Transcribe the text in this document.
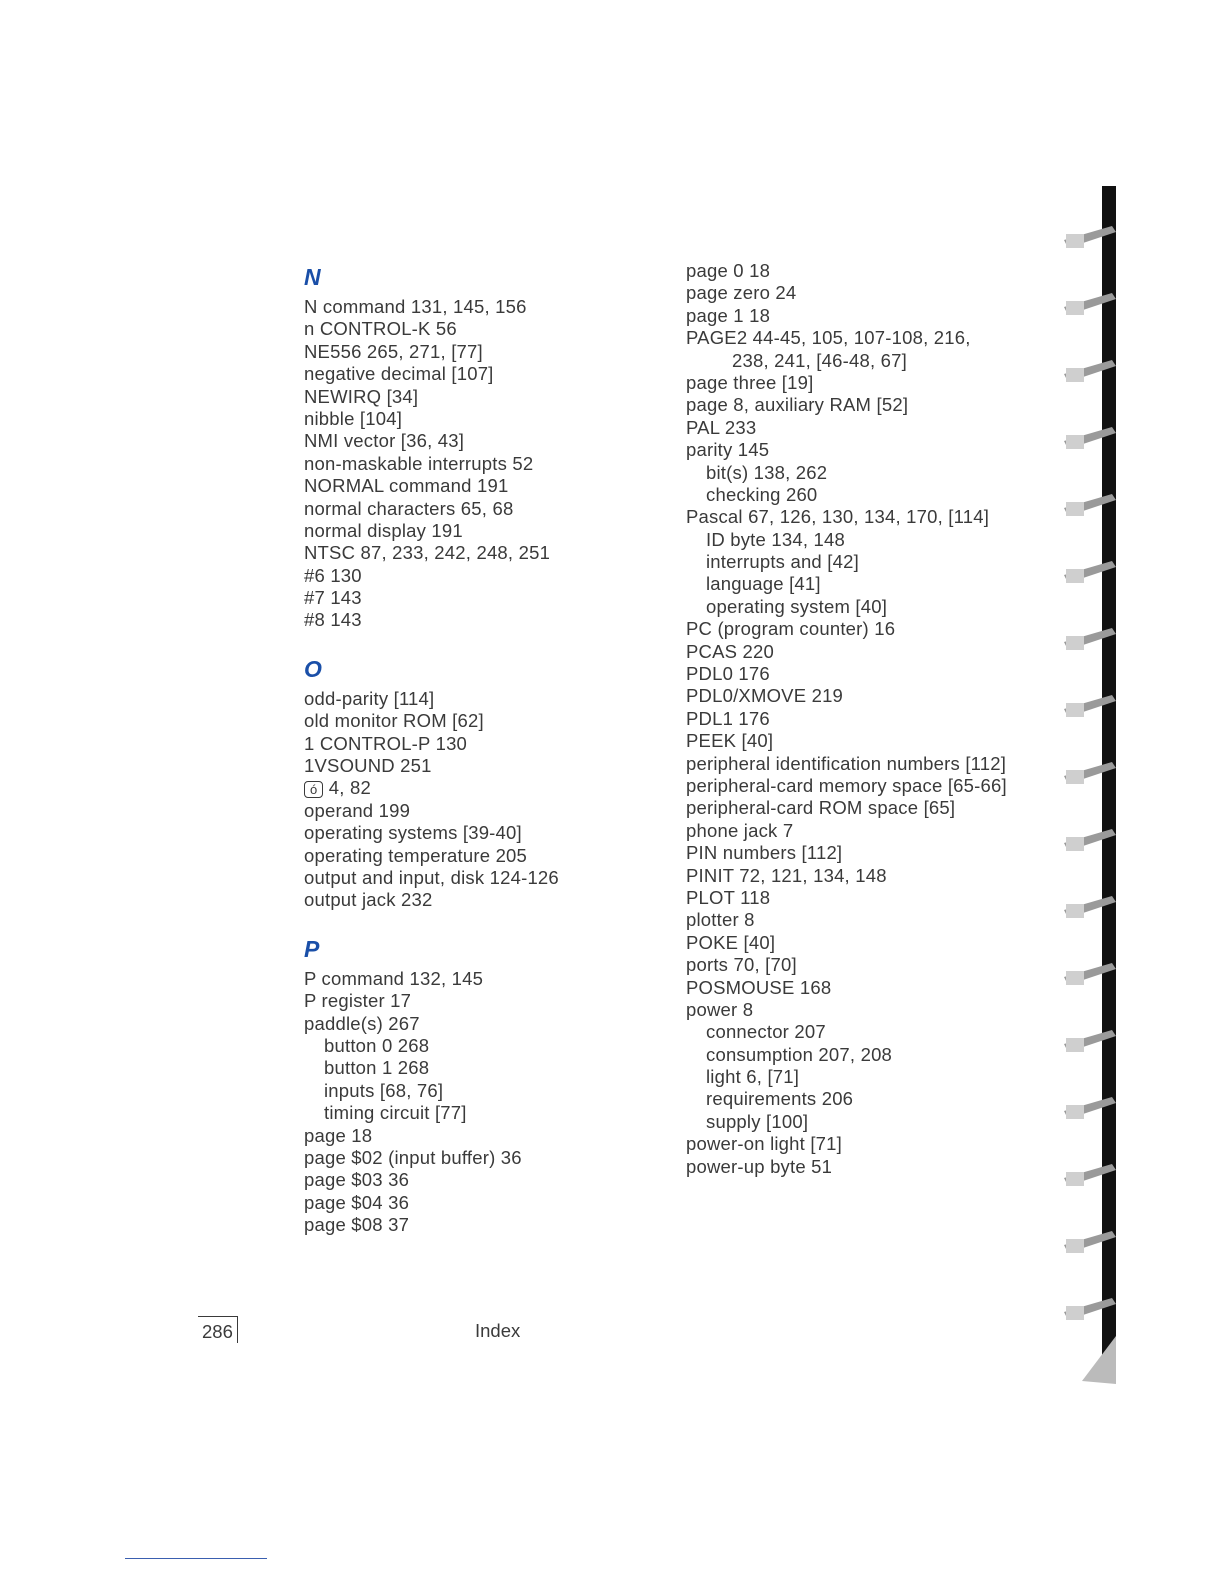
N
N command 131, 145, 156
n CONTROL-K 56
NE556 265, 271, [77]
negative decimal [107]
NEWIRQ [34]
nibble [104]
NMI vector [36, 43]
non-maskable interrupts 52
NORMAL command 191
normal characters 65, 68
normal display 191
NTSC 87, 233, 242, 248, 251
#6 130
#7 143
#8 143
O
odd-parity [114]
old monitor ROM [62]
1 CONTROL-P 130
1VSOUND 251
ó 4, 82
operand 199
operating systems [39-40]
operating temperature 205
output and input, disk 124-126
output jack 232
P
P command 132, 145
P register 17
paddle(s) 267
button 0 268
button 1 268
inputs [68, 76]
timing circuit [77]
page 18
page $02 (input buffer) 36
page $03 36
page $04 36
page $08 37
page 0 18
page zero 24
page 1 18
PAGE2 44-45, 105, 107-108, 216,
238, 241, [46-48, 67]
page three [19]
page 8, auxiliary RAM [52]
PAL 233
parity 145
bit(s) 138, 262
checking 260
Pascal 67, 126, 130, 134, 170, [114]
ID byte 134, 148
interrupts and [42]
language [41]
operating system [40]
PC (program counter) 16
PCAS 220
PDL0 176
PDL0/XMOVE 219
PDL1 176
PEEK [40]
peripheral identification numbers [112]
peripheral-card memory space [65-66]
peripheral-card ROM space [65]
phone jack 7
PIN numbers [112]
PINIT 72, 121, 134, 148
PLOT 118
plotter 8
POKE [40]
ports 70, [70]
POSMOUSE 168
power 8
connector 207
consumption 207, 208
light 6, [71]
requirements 206
supply [100]
power-on light [71]
power-up byte 51
286	Index
